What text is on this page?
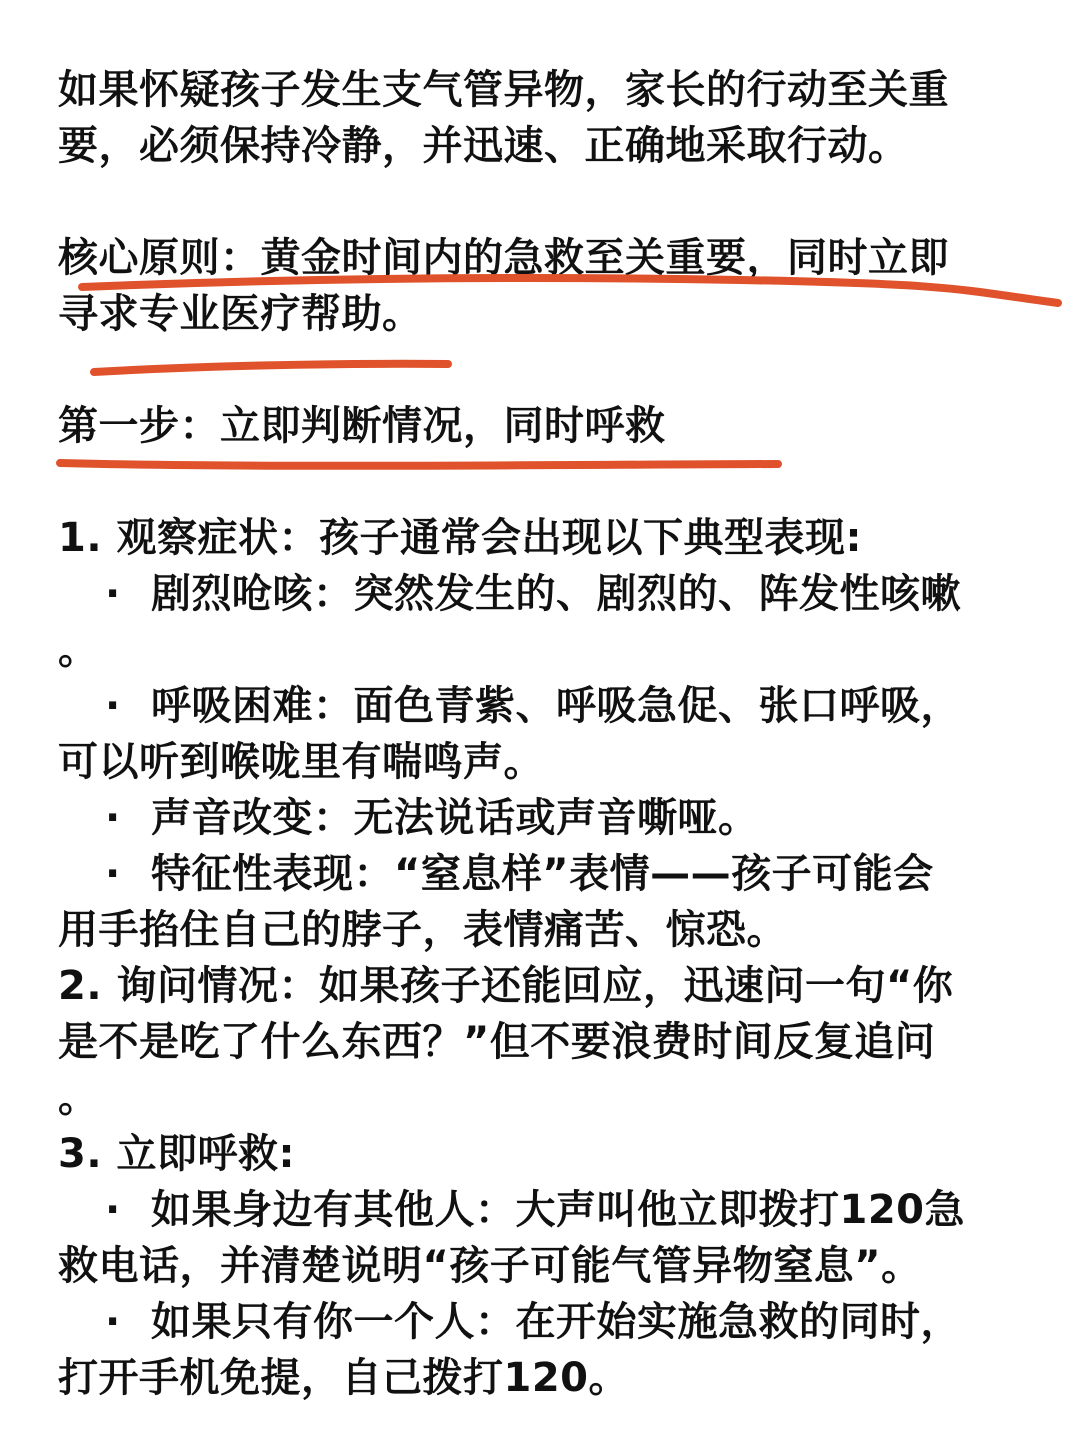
如果怀疑孩子发生支气管异物，家长的行动至关重

要，必须保持冷静，并迅速、正确地采取行动。

核心原则：黄金时间内的急救至关重要，同时立即

寻求专业医疗帮助。

第一步：立即判断情况，同时呼救

1. 观察症状：孩子通常会出现以下典型表现:

· 剧烈呛咳：突然发生的、剧烈的、阵发性咳嗽

。

· 呼吸困难：面色青紫、呼吸急促、张口呼吸，

可以听到喉咙里有喘鸣声。

· 声音改变：无法说话或声音嘶哑。

· 特征性表现：“窒息样”表情——孩子可能会

用手掐住自己的脖子，表情痛苦、惊恐。

2. 询问情况：如果孩子还能回应，迅速问一句“你

是不是吃了什么东西？”但不要浪费时间反复追问

。

3. 立即呼救:

· 如果身边有其他人：大声叫他立即拨打120急

救电话，并清楚说明“孩子可能气管异物窒息”。

· 如果只有你一个人：在开始实施急救的同时，

打开手机免提，自己拨打120。
